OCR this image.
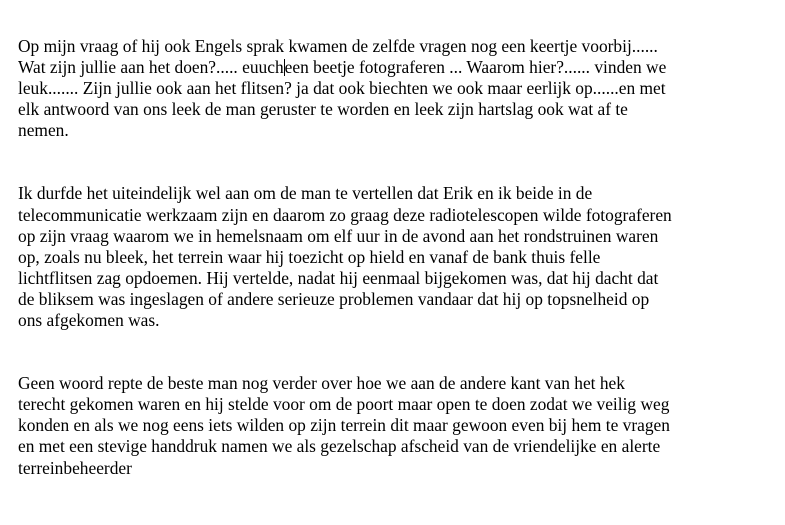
Op mijn vraag of hij ook Engels sprak kwamen de zelfde vragen nog een keertje voorbij......
Wat zijn jullie aan het doen?..... euucheen beetje fotograferen ... Waarom hier?...... vinden we
leuk....... Zijn jullie ook aan het flitsen? ja dat ook biechten we ook maar eerlijk op......en met
elk antwoord van ons leek de man geruster te worden en leek zijn hartslag ook wat af te
nemen.
Ik durfde het uiteindelijk wel aan om de man te vertellen dat Erik en ik beide in de
telecommunicatie werkzaam zijn en daarom zo graag deze radiotelescopen wilde fotograferen
op zijn vraag waarom we in hemelsnaam om elf uur in de avond aan het rondstruinen waren
op, zoals nu bleek, het terrein waar hij toezicht op hield en vanaf de bank thuis felle
lichtflitsen zag opdoemen. Hij vertelde, nadat hij eenmaal bijgekomen was, dat hij dacht dat
de bliksem was ingeslagen of andere serieuze problemen vandaar dat hij op topsnelheid op
ons afgekomen was.
Geen woord repte de beste man nog verder over hoe we aan de andere kant van het hek
terecht gekomen waren en hij stelde voor om de poort maar open te doen zodat we veilig weg
konden en als we nog eens iets wilden op zijn terrein dit maar gewoon even bij hem te vragen
en met een stevige handdruk namen we als gezelschap afscheid van de vriendelijke en alerte
terreinbeheerder
